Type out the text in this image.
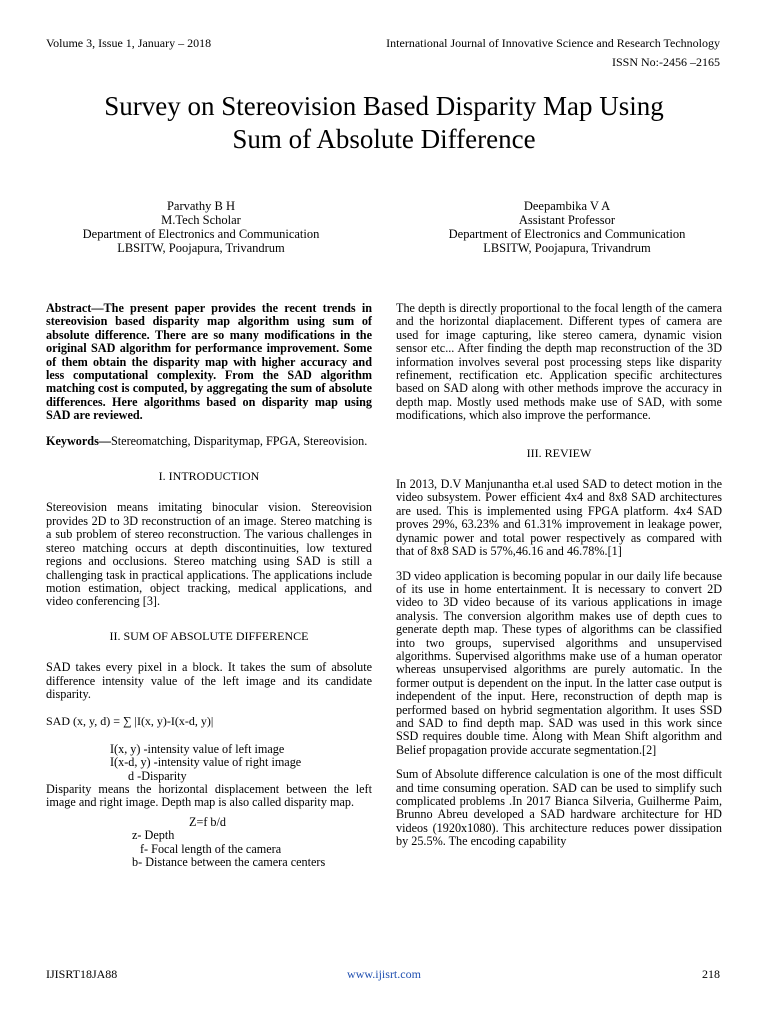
Volume 3, Issue 1, January – 2018	International Journal of Innovative Science and Research Technology
ISSN No:-2456 –2165
Survey on Stereovision Based Disparity Map Using
Sum of Absolute Difference
Parvathy B H
M.Tech Scholar
Department of Electronics and Communication
LBSITW, Poojapura, Trivandrum
Deepambika V A
Assistant Professor
Department of Electronics and Communication
LBSITW, Poojapura, Trivandrum

Abstract—The present paper provides the recent trends in stereovision based disparity map algorithm using sum of absolute difference. There are so many modifications in the original SAD algorithm for performance improvement. Some of them obtain the disparity map with higher accuracy and less computational complexity. From the SAD algorithm matching cost is computed, by aggregating the sum of absolute differences. Here algorithms based on disparity map using SAD are reviewed.

Keywords—Stereomatching, Disparitymap, FPGA, Stereovision.

I. INTRODUCTION

Stereovision means imitating binocular vision. Stereovision provides 2D to 3D reconstruction of an image. Stereo matching is a sub problem of stereo reconstruction. The various challenges in stereo matching occurs at depth discontinuities, low textured regions and occlusions. Stereo matching using SAD is still a challenging task in practical applications. The applications include motion estimation, object tracking, medical applications, and video conferencing [3].

II. SUM OF ABSOLUTE DIFFERENCE

SAD takes every pixel in a block. It takes the sum of absolute difference intensity value of the left image and its candidate disparity.

SAD (x, y, d) = ∑ |I(x, y)-I(x-d, y)|

I(x, y) -intensity value of left image
I(x-d, y) -intensity value of right image
d -Disparity

Disparity means the horizontal displacement between the left image and right image. Depth map is also called disparity map.

Z=f b/d
z- Depth
f- Focal length of the camera
b- Distance between the camera centers

The depth is directly proportional to the focal length of the camera and the horizontal diaplacement. Different types of camera are used for image capturing, like stereo camera, dynamic vision sensor etc... After finding the depth map reconstruction of the 3D information involves several post processing steps like disparity refinement, rectification etc. Application specific architectures based on SAD along with other methods improve the accuracy in depth map. Mostly used methods make use of SAD, with some modifications, which also improve the performance.

III. REVIEW

In 2013, D.V Manjunantha et.al used SAD to detect motion in the video subsystem. Power efficient 4x4 and 8x8 SAD architectures are used. This is implemented using FPGA platform. 4x4 SAD proves 29%, 63.23% and 61.31% improvement in leakage power, dynamic power and total power respectively as compared with that of 8x8 SAD is 57%,46.16 and 46.78%.[1]

3D video application is becoming popular in our daily life because of its use in home entertainment. It is necessary to convert 2D video to 3D video because of its various applications in image analysis. The conversion algorithm makes use of depth cues to generate depth map. These types of algorithms can be classified into two groups, supervised algorithms and unsupervised algorithms. Supervised algorithms make use of a human operator whereas unsupervised algorithms are purely automatic. In the former output is dependent on the input. In the latter case output is independent of the input. Here, reconstruction of depth map is performed based on hybrid segmentation algorithm. It uses SSD and SAD to find depth map. SAD was used in this work since SSD requires double time. Along with Mean Shift algorithm and Belief propagation provide accurate segmentation.[2]

Sum of Absolute difference calculation is one of the most difficult and time consuming operation. SAD can be used to simplify such complicated problems .In 2017 Bianca Silveria, Guilherme Paim, Brunno Abreu developed a SAD hardware architecture for HD videos (1920x1080). This architecture reduces power dissipation by 25.5%. The encoding capability

IJISRT18JA88	www.ijisrt.com	218
